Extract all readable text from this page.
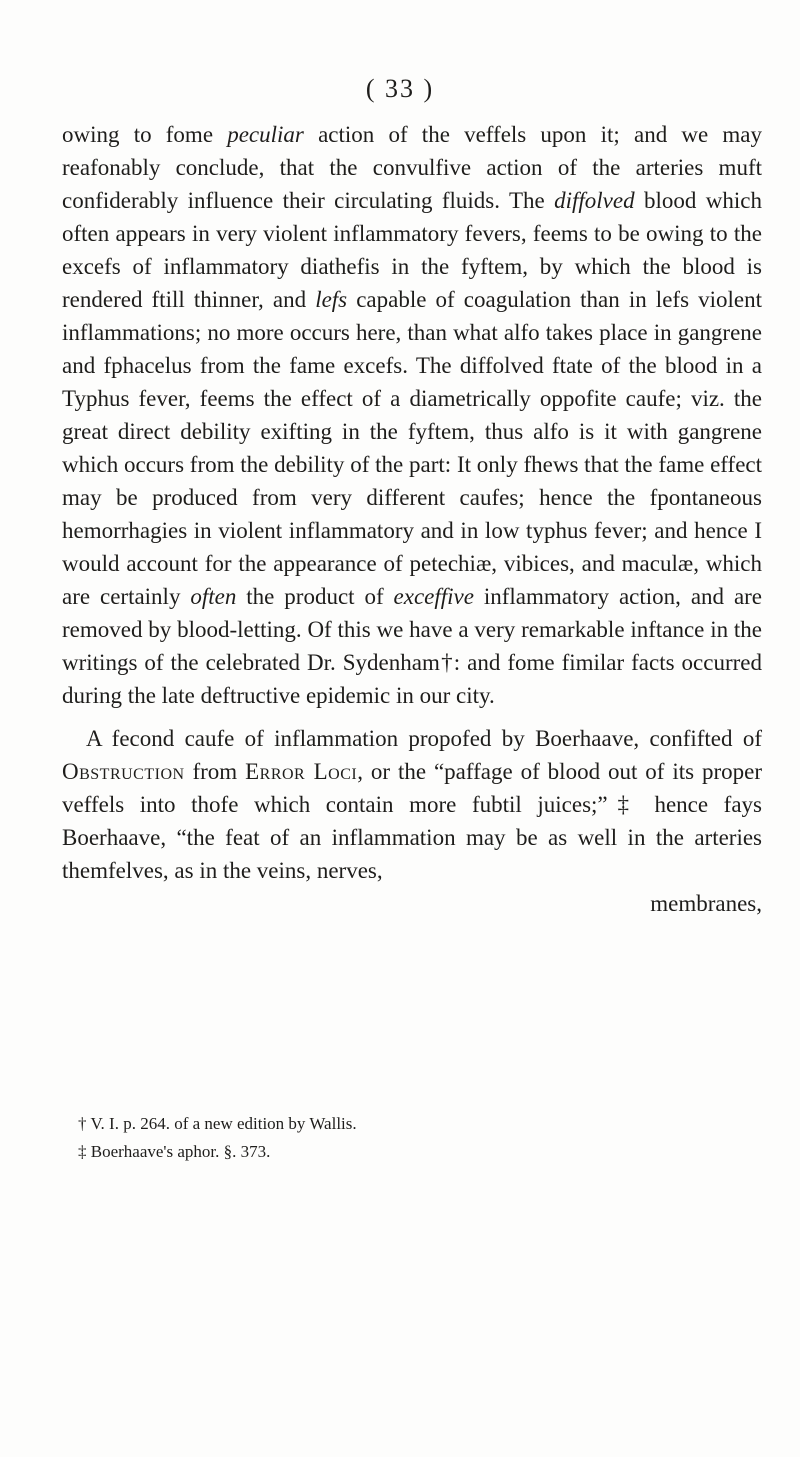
( 33 )

owing to fome peculiar action of the veffels upon it; and we may reafonably conclude, that the convulfive action of the arteries muft confiderably influence their circulating fluids. The diffolved blood which often appears in very violent inflammatory fevers, feems to be owing to the excefs of inflammatory diathefis in the fyftem, by which the blood is rendered ftill thinner, and lefs capable of coagulation than in lefs violent inflammations; no more occurs here, than what alfo takes place in gangrene and fphacelus from the fame excefs. The diffolved ftate of the blood in a Typhus fever, feems the effect of a diametrically oppofite caufe; viz. the great direct debility exifting in the fyftem, thus alfo is it with gangrene which occurs from the debility of the part: It only fhews that the fame effect may be produced from very different caufes; hence the fpontaneous hemorrhagies in violent inflammatory and in low typhus fever; and hence I would account for the appearance of petechiæ, vibices, and maculæ, which are certainly often the product of exceffive inflammatory action, and are removed by blood-letting. Of this we have a very remarkable inftance in the writings of the celebrated Dr. Sydenham†: and fome fimilar facts occurred during the late deftructive epidemic in our city.

A fecond caufe of inflammation propofed by Boerhaave, confifted of Obstruction from Error Loci, or the “paffage of blood out of its proper veffels into thofe which contain more fubtil juices;”‡ hence fays Boerhaave, “the feat of an inflammation may be as well in the arteries themfelves, as in the veins, nerves,

membranes,

† V. I. p. 264. of a new edition by Wallis.
‡ Boerhaave's aphor. §. 373.
